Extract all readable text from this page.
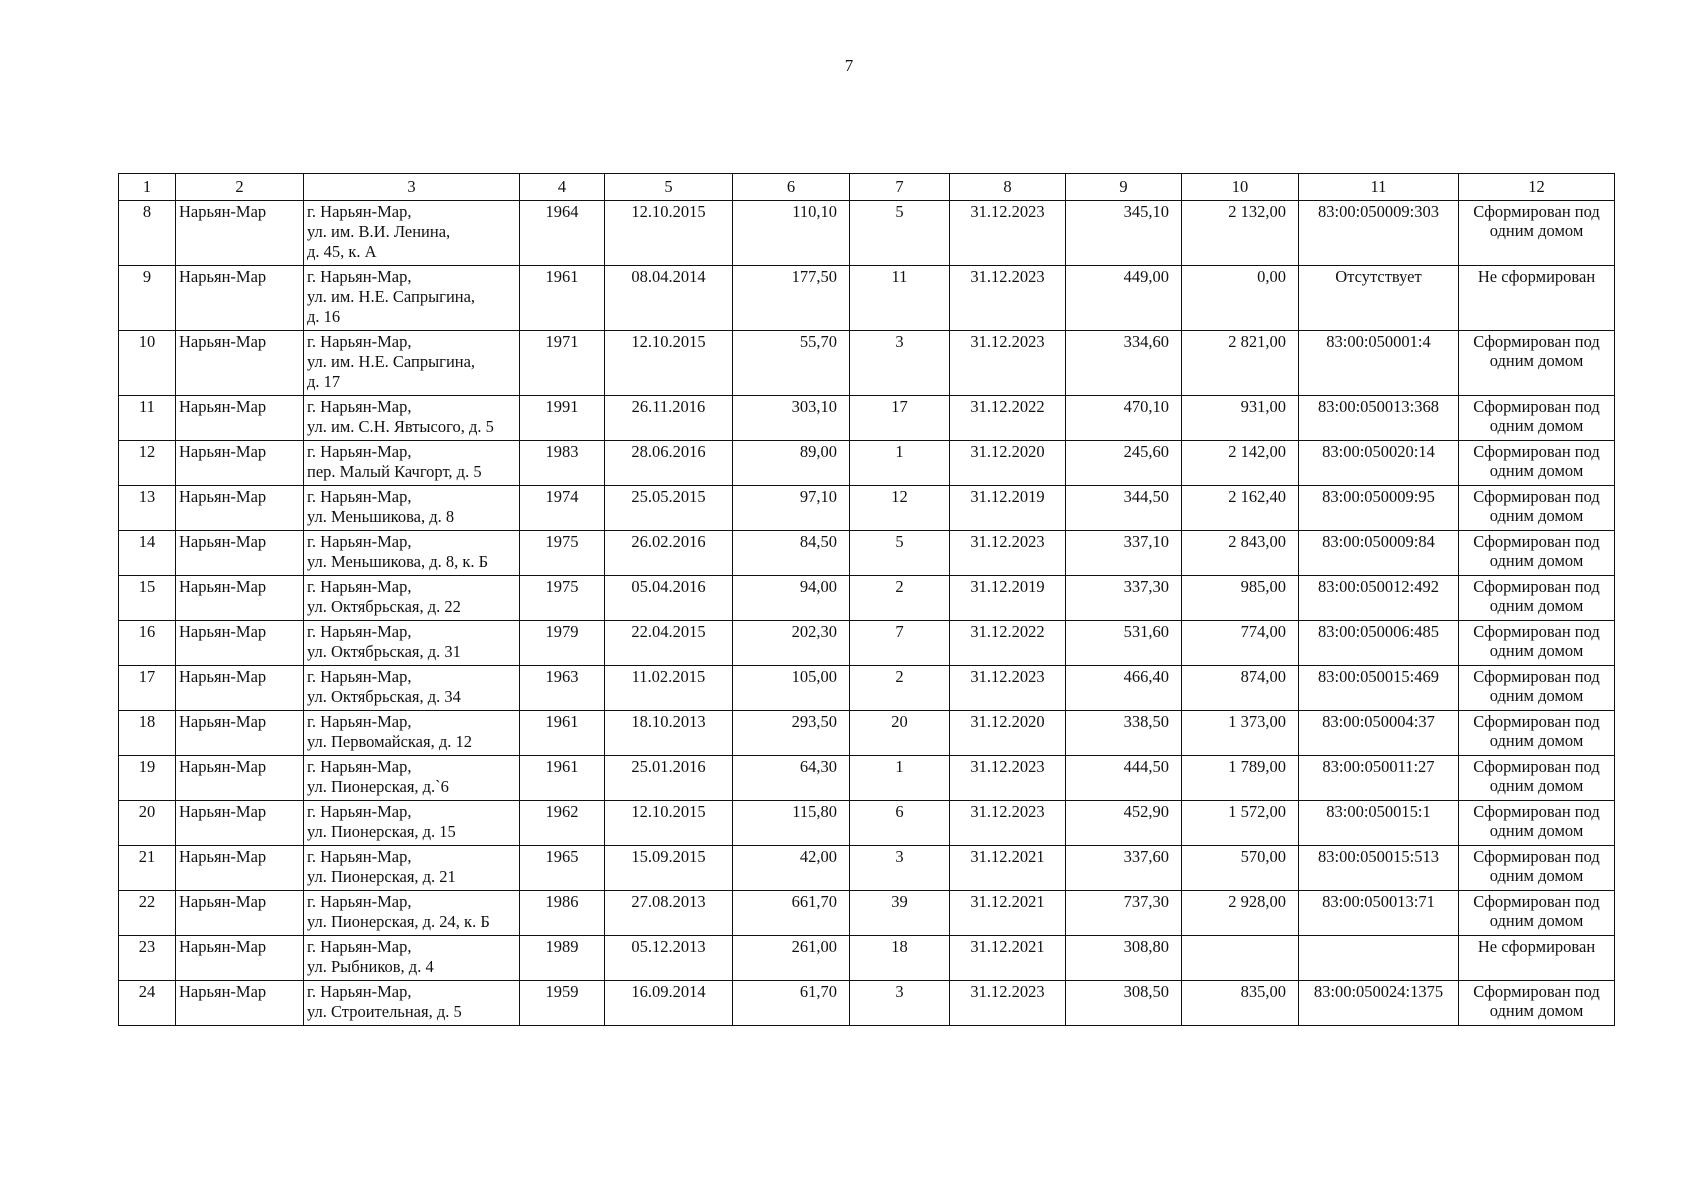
7
1	2	3	4	5	6	7	8	9	10	11	12
8	Нарьян-Мар	г. Нарьян-Мар,
ул. им. В.И. Ленина,
д. 45, к. А	1964	12.10.2015	110,10	5	31.12.2023	345,10	2 132,00	83:00:050009:303	Сформирован под одним домом
9	Нарьян-Мар	г. Нарьян-Мар,
ул. им. Н.Е. Сапрыгина,
д. 16	1961	08.04.2014	177,50	11	31.12.2023	449,00	0,00	Отсутствует	Не сформирован
10	Нарьян-Мар	г. Нарьян-Мар,
ул. им. Н.Е. Сапрыгина,
д. 17	1971	12.10.2015	55,70	3	31.12.2023	334,60	2 821,00	83:00:050001:4	Сформирован под одним домом
11	Нарьян-Мар	г. Нарьян-Мар,
ул. им. С.Н. Явтысого, д. 5	1991	26.11.2016	303,10	17	31.12.2022	470,10	931,00	83:00:050013:368	Сформирован под одним домом
12	Нарьян-Мар	г. Нарьян-Мар,
пер. Малый Качгорт, д. 5	1983	28.06.2016	89,00	1	31.12.2020	245,60	2 142,00	83:00:050020:14	Сформирован под одним домом
13	Нарьян-Мар	г. Нарьян-Мар,
ул. Меньшикова, д. 8	1974	25.05.2015	97,10	12	31.12.2019	344,50	2 162,40	83:00:050009:95	Сформирован под одним домом
14	Нарьян-Мар	г. Нарьян-Мар,
ул. Меньшикова, д. 8, к. Б	1975	26.02.2016	84,50	5	31.12.2023	337,10	2 843,00	83:00:050009:84	Сформирован под одним домом
15	Нарьян-Мар	г. Нарьян-Мар,
ул. Октябрьская, д. 22	1975	05.04.2016	94,00	2	31.12.2019	337,30	985,00	83:00:050012:492	Сформирован под одним домом
16	Нарьян-Мар	г. Нарьян-Мар,
ул. Октябрьская, д. 31	1979	22.04.2015	202,30	7	31.12.2022	531,60	774,00	83:00:050006:485	Сформирован под одним домом
17	Нарьян-Мар	г. Нарьян-Мар,
ул. Октябрьская, д. 34	1963	11.02.2015	105,00	2	31.12.2023	466,40	874,00	83:00:050015:469	Сформирован под одним домом
18	Нарьян-Мар	г. Нарьян-Мар,
ул. Первомайская, д. 12	1961	18.10.2013	293,50	20	31.12.2020	338,50	1 373,00	83:00:050004:37	Сформирован под одним домом
19	Нарьян-Мар	г. Нарьян-Мар,
ул. Пионерская, д.`6	1961	25.01.2016	64,30	1	31.12.2023	444,50	1 789,00	83:00:050011:27	Сформирован под одним домом
20	Нарьян-Мар	г. Нарьян-Мар,
ул. Пионерская, д. 15	1962	12.10.2015	115,80	6	31.12.2023	452,90	1 572,00	83:00:050015:1	Сформирован под одним домом
21	Нарьян-Мар	г. Нарьян-Мар,
ул. Пионерская, д. 21	1965	15.09.2015	42,00	3	31.12.2021	337,60	570,00	83:00:050015:513	Сформирован под одним домом
22	Нарьян-Мар	г. Нарьян-Мар,
ул. Пионерская, д. 24, к. Б	1986	27.08.2013	661,70	39	31.12.2021	737,30	2 928,00	83:00:050013:71	Сформирован под одним домом
23	Нарьян-Мар	г. Нарьян-Мар,
ул. Рыбников, д. 4	1989	05.12.2013	261,00	18	31.12.2021	308,80			Не сформирован
24	Нарьян-Мар	г. Нарьян-Мар,
ул. Строительная, д. 5	1959	16.09.2014	61,70	3	31.12.2023	308,50	835,00	83:00:050024:1375	Сформирован под одним домом
